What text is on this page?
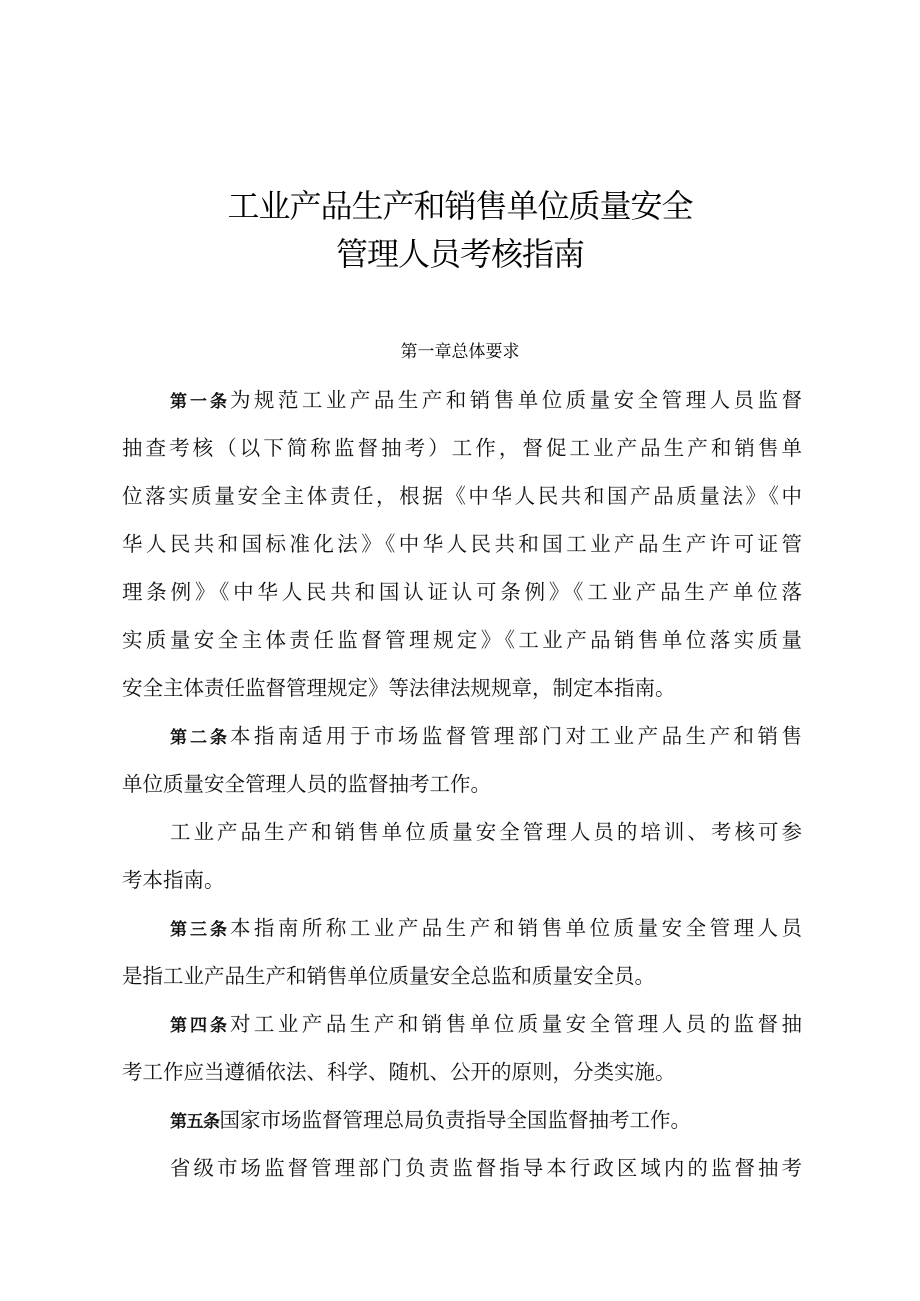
工业产品生产和销售单位质量安全
管理人员考核指南
第一章总体要求
第一条为规范工业产品生产和销售单位质量安全管理人员监督
抽查考核（以下简称监督抽考）工作，督促工业产品生产和销售单
位落实质量安全主体责任，根据《中华人民共和国产品质量法》《中
华人民共和国标准化法》《中华人民共和国工业产品生产许可证管
理条例》《中华人民共和国认证认可条例》《工业产品生产单位落
实质量安全主体责任监督管理规定》《工业产品销售单位落实质量
安全主体责任监督管理规定》等法律法规规章，制定本指南。
第二条本指南适用于市场监督管理部门对工业产品生产和销售
单位质量安全管理人员的监督抽考工作。
工业产品生产和销售单位质量安全管理人员的培训、考核可参
考本指南。
第三条本指南所称工业产品生产和销售单位质量安全管理人员
是指工业产品生产和销售单位质量安全总监和质量安全员。
第四条对工业产品生产和销售单位质量安全管理人员的监督抽
考工作应当遵循依法、科学、随机、公开的原则，分类实施。
第五条国家市场监督管理总局负责指导全国监督抽考工作。
省级市场监督管理部门负责监督指导本行政区域内的监督抽考
